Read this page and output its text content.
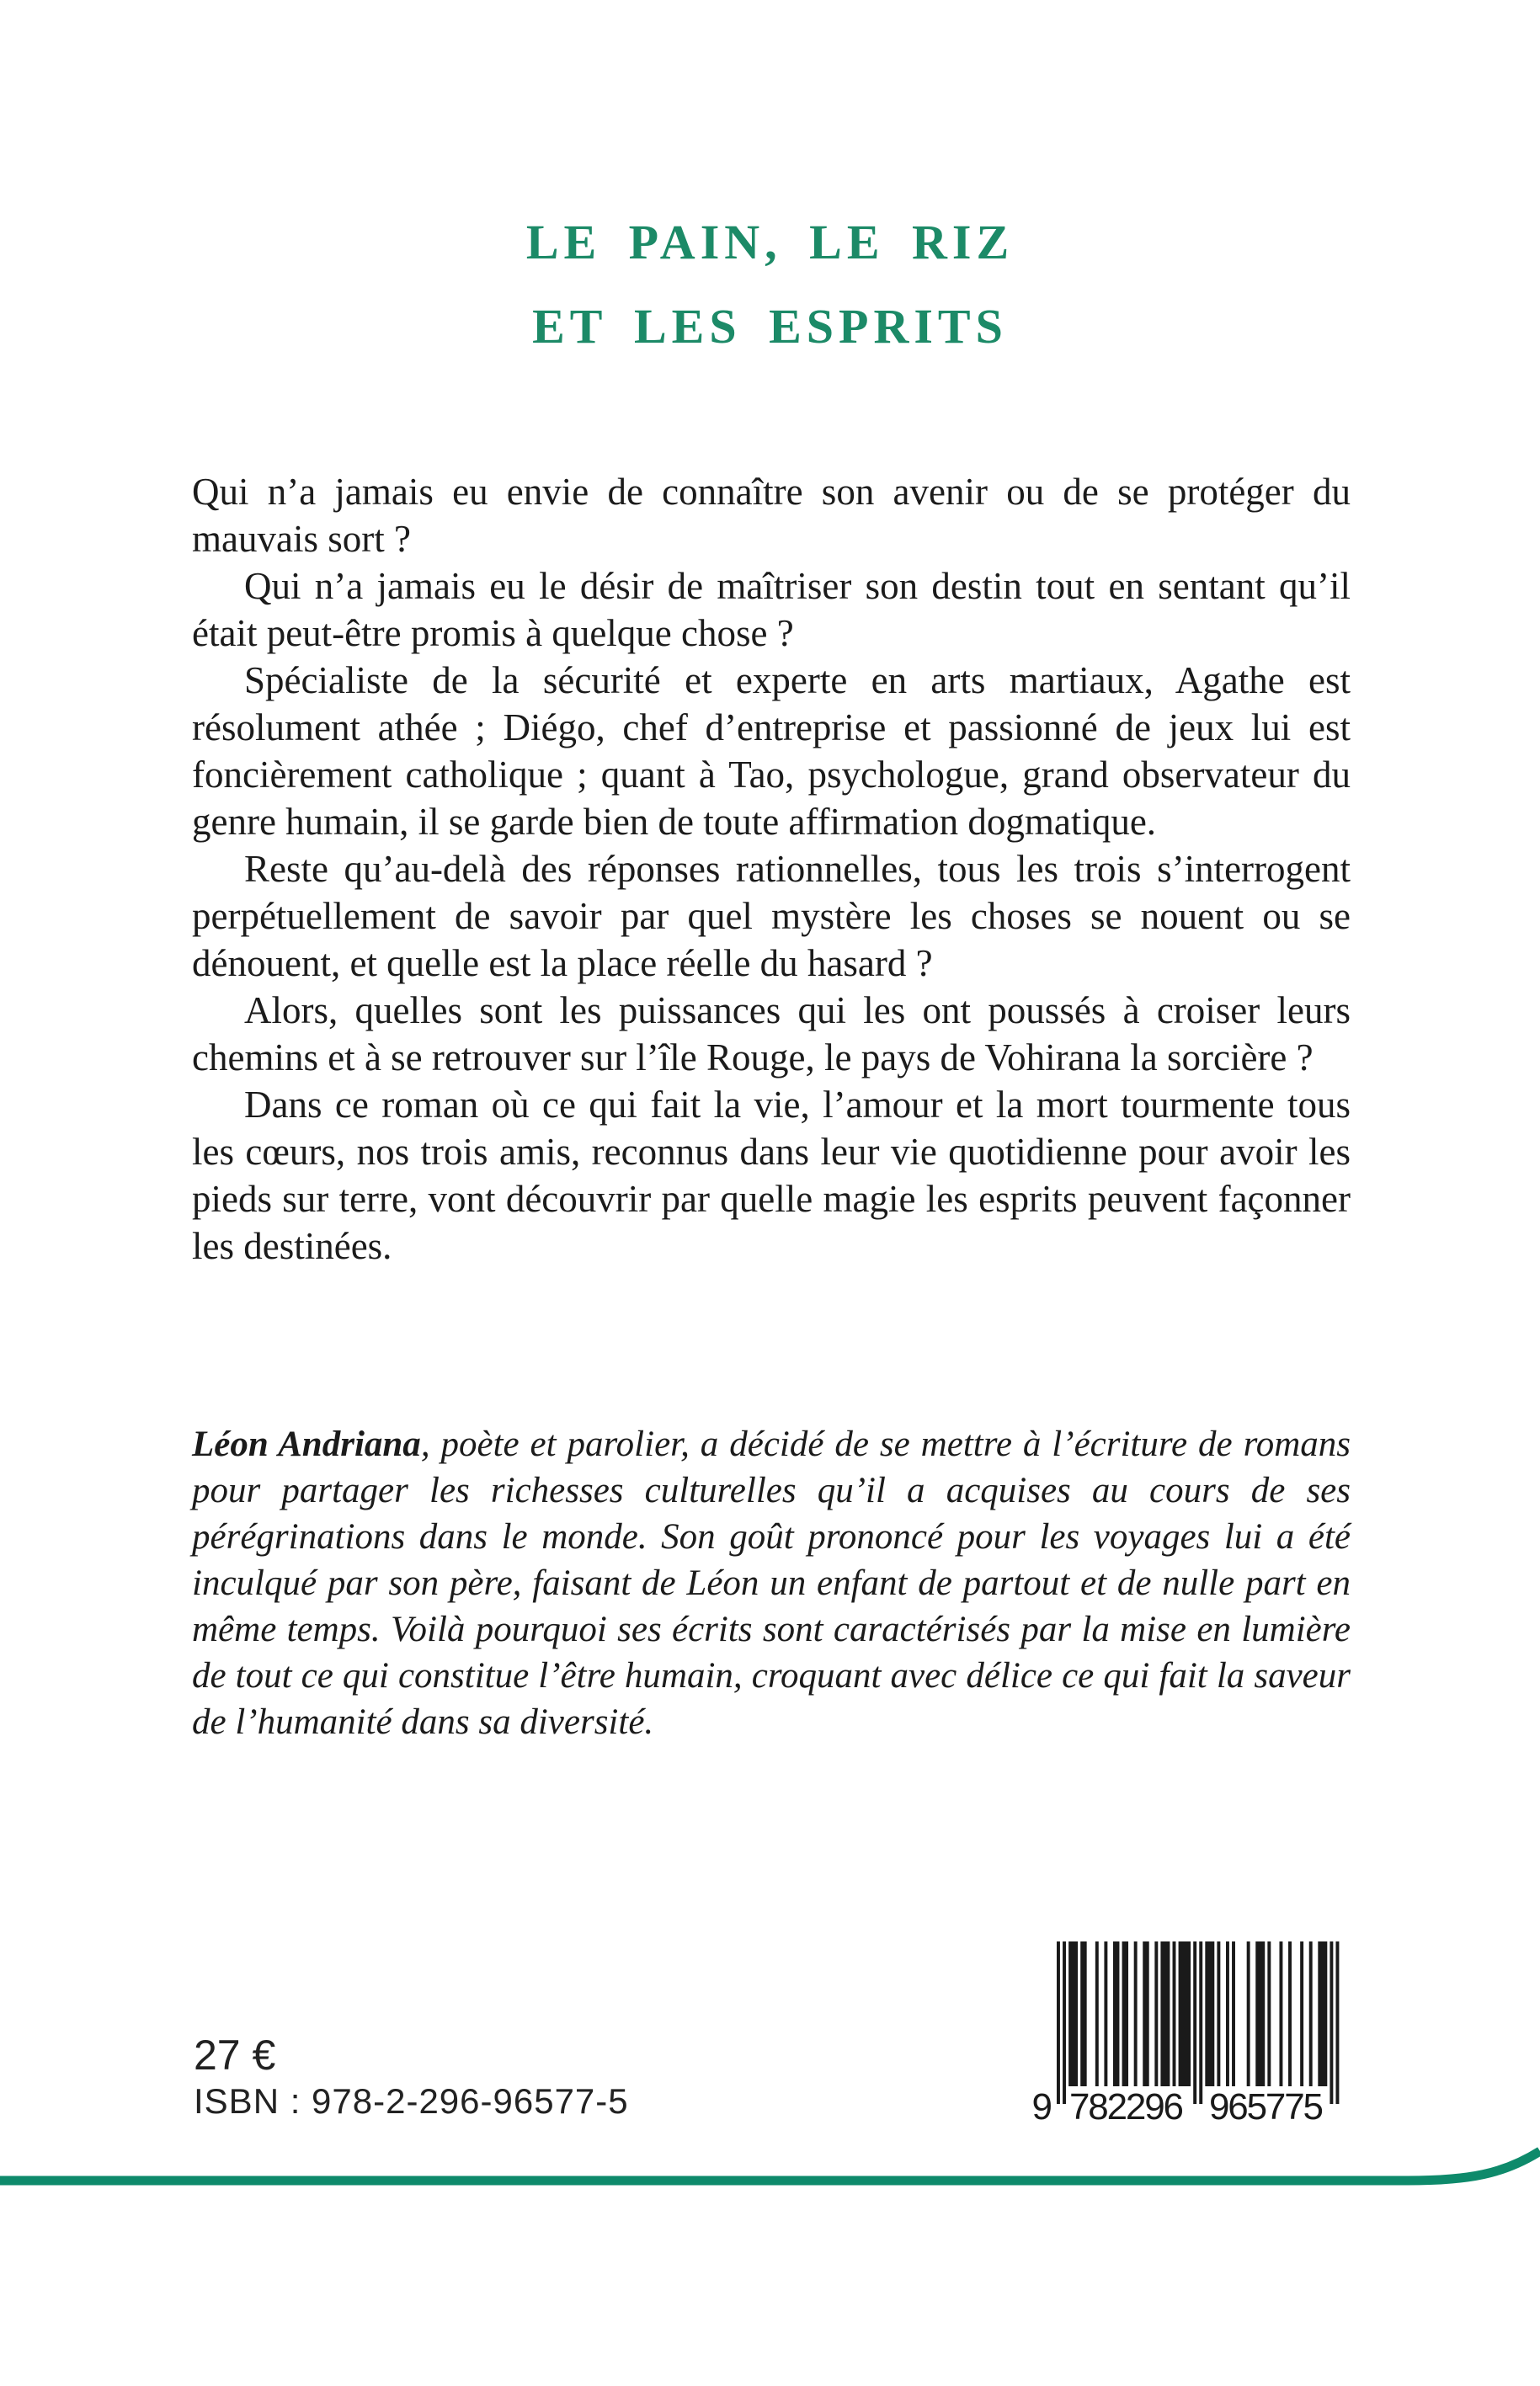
LE PAIN, LE RIZ
ET LES ESPRITS

Qui n’a jamais eu envie de connaître son avenir ou de se protéger du mauvais sort ?

Qui n’a jamais eu le désir de maîtriser son destin tout en sentant qu’il était peut-être promis à quelque chose ?

Spécialiste de la sécurité et experte en arts martiaux, Agathe est résolument athée ; Diégo, chef d’entreprise et passionné de jeux lui est foncièrement catholique ; quant à Tao, psychologue, grand observateur du genre humain, il se garde bien de toute affirmation dogmatique.

Reste qu’au-delà des réponses rationnelles, tous les trois s’interrogent perpétuellement de savoir par quel mystère les choses se nouent ou se dénouent, et quelle est la place réelle du hasard ?

Alors, quelles sont les puissances qui les ont poussés à croiser leurs chemins et à se retrouver sur l’île Rouge, le pays de Vohirana la sorcière ?

Dans ce roman où ce qui fait la vie, l’amour et la mort tourmente tous les cœurs, nos trois amis, reconnus dans leur vie quotidienne pour avoir les pieds sur terre, vont découvrir par quelle magie les esprits peuvent façonner les destinées.

Léon Andriana, poète et parolier, a décidé de se mettre à l’écriture de romans pour partager les richesses culturelles qu’il a acquises au cours de ses pérégrinations dans le monde. Son goût prononcé pour les voyages lui a été inculqué par son père, faisant de Léon un enfant de partout et de nulle part en même temps. Voilà pourquoi ses écrits sont caractérisés par la mise en lumière de tout ce qui constitue l’être humain, croquant avec délice ce qui fait la saveur de l’humanité dans sa diversité.

27 €
ISBN : 978-2-296-96577-5	9 782296 965775
